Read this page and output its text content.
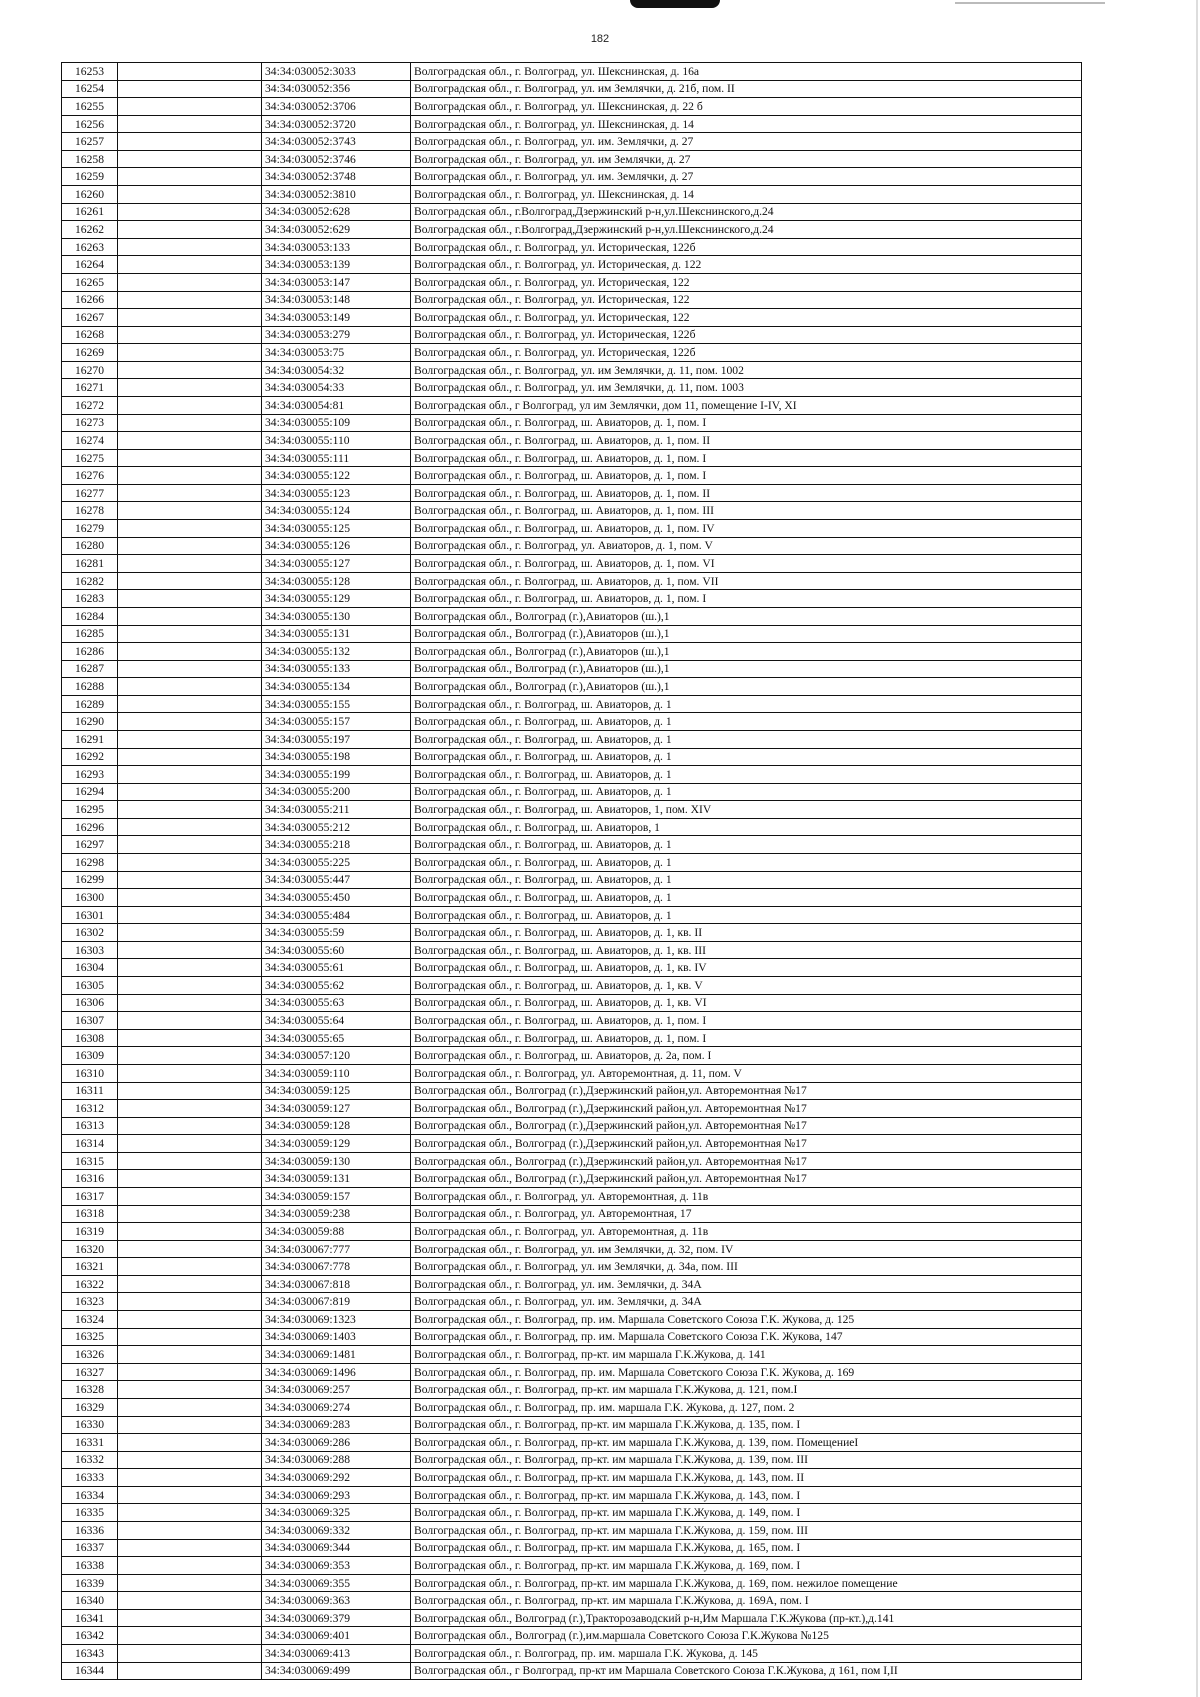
182
16253		34:34:030052:3033	Волгоградская обл., г. Волгоград, ул. Шекснинская, д. 16а
16254		34:34:030052:356	Волгоградская обл., г. Волгоград, ул. им Землячки, д. 21б, пом. II
16255		34:34:030052:3706	Волгоградская обл., г. Волгоград, ул. Шекснинская, д. 22 б
16256		34:34:030052:3720	Волгоградская обл., г. Волгоград, ул. Шекснинская, д. 14
16257		34:34:030052:3743	Волгоградская обл., г. Волгоград, ул. им. Землячки, д. 27
16258		34:34:030052:3746	Волгоградская обл., г. Волгоград, ул. им Землячки, д. 27
16259		34:34:030052:3748	Волгоградская обл., г. Волгоград, ул. им. Землячки, д. 27
16260		34:34:030052:3810	Волгоградская обл., г. Волгоград, ул. Шекснинская, д. 14
16261		34:34:030052:628	Волгоградская обл., г.Волгоград,Дзержинский р-н,ул.Шекснинского,д.24
16262		34:34:030052:629	Волгоградская обл., г.Волгоград,Дзержинский р-н,ул.Шекснинского,д.24
16263		34:34:030053:133	Волгоградская обл., г. Волгоград, ул. Историческая, 122б
16264		34:34:030053:139	Волгоградская обл., г. Волгоград, ул. Историческая, д. 122
16265		34:34:030053:147	Волгоградская обл., г. Волгоград, ул. Историческая, 122
16266		34:34:030053:148	Волгоградская обл., г. Волгоград, ул. Историческая, 122
16267		34:34:030053:149	Волгоградская обл., г. Волгоград, ул. Историческая, 122
16268		34:34:030053:279	Волгоградская обл., г. Волгоград, ул. Историческая, 122б
16269		34:34:030053:75	Волгоградская обл., г. Волгоград, ул. Историческая, 122б
16270		34:34:030054:32	Волгоградская обл., г. Волгоград, ул. им Землячки, д. 11, пом. 1002
16271		34:34:030054:33	Волгоградская обл., г. Волгоград, ул. им Землячки, д. 11, пом. 1003
16272		34:34:030054:81	Волгоградская обл., г Волгоград, ул им Землячки, дом 11, помещение I-IV, XI
16273		34:34:030055:109	Волгоградская обл., г. Волгоград, ш. Авиаторов, д. 1, пом. I
16274		34:34:030055:110	Волгоградская обл., г. Волгоград, ш. Авиаторов, д. 1, пом. II
16275		34:34:030055:111	Волгоградская обл., г. Волгоград, ш. Авиаторов, д. 1, пом. I
16276		34:34:030055:122	Волгоградская обл., г. Волгоград, ш. Авиаторов, д. 1, пом. I
16277		34:34:030055:123	Волгоградская обл., г. Волгоград, ш. Авиаторов, д. 1, пом. II
16278		34:34:030055:124	Волгоградская обл., г. Волгоград, ш. Авиаторов, д. 1, пом. III
16279		34:34:030055:125	Волгоградская обл., г. Волгоград, ш. Авиаторов, д. 1, пом. IV
16280		34:34:030055:126	Волгоградская обл., г. Волгоград, ул. Авиаторов, д. 1, пом. V
16281		34:34:030055:127	Волгоградская обл., г. Волгоград, ш. Авиаторов, д. 1, пом. VI
16282		34:34:030055:128	Волгоградская обл., г. Волгоград, ш. Авиаторов, д. 1, пом. VII
16283		34:34:030055:129	Волгоградская обл., г. Волгоград, ш. Авиаторов, д. 1, пом. I
16284		34:34:030055:130	Волгоградская обл., Волгоград (г.),Авиаторов (ш.),1
16285		34:34:030055:131	Волгоградская обл., Волгоград (г.),Авиаторов (ш.),1
16286		34:34:030055:132	Волгоградская обл., Волгоград (г.),Авиаторов (ш.),1
16287		34:34:030055:133	Волгоградская обл., Волгоград (г.),Авиаторов (ш.),1
16288		34:34:030055:134	Волгоградская обл., Волгоград (г.),Авиаторов (ш.),1
16289		34:34:030055:155	Волгоградская обл., г. Волгоград, ш. Авиаторов, д. 1
16290		34:34:030055:157	Волгоградская обл., г. Волгоград, ш. Авиаторов, д. 1
16291		34:34:030055:197	Волгоградская обл., г. Волгоград, ш. Авиаторов, д. 1
16292		34:34:030055:198	Волгоградская обл., г. Волгоград, ш. Авиаторов, д. 1
16293		34:34:030055:199	Волгоградская обл., г. Волгоград, ш. Авиаторов, д. 1
16294		34:34:030055:200	Волгоградская обл., г. Волгоград, ш. Авиаторов, д. 1
16295		34:34:030055:211	Волгоградская обл., г. Волгоград, ш. Авиаторов, 1, пом. XIV
16296		34:34:030055:212	Волгоградская обл., г. Волгоград, ш. Авиаторов, 1
16297		34:34:030055:218	Волгоградская обл., г. Волгоград, ш. Авиаторов, д. 1
16298		34:34:030055:225	Волгоградская обл., г. Волгоград, ш. Авиаторов, д. 1
16299		34:34:030055:447	Волгоградская обл., г. Волгоград, ш. Авиаторов, д. 1
16300		34:34:030055:450	Волгоградская обл., г. Волгоград, ш. Авиаторов, д. 1
16301		34:34:030055:484	Волгоградская обл., г. Волгоград, ш. Авиаторов, д. 1
16302		34:34:030055:59	Волгоградская обл., г. Волгоград, ш. Авиаторов, д. 1, кв. II
16303		34:34:030055:60	Волгоградская обл., г. Волгоград, ш. Авиаторов, д. 1, кв. III
16304		34:34:030055:61	Волгоградская обл., г. Волгоград, ш. Авиаторов, д. 1, кв. IV
16305		34:34:030055:62	Волгоградская обл., г. Волгоград, ш. Авиаторов, д. 1, кв. V
16306		34:34:030055:63	Волгоградская обл., г. Волгоград, ш. Авиаторов, д. 1, кв. VI
16307		34:34:030055:64	Волгоградская обл., г. Волгоград, ш. Авиаторов, д. 1, пом. I
16308		34:34:030055:65	Волгоградская обл., г. Волгоград, ш. Авиаторов, д. 1, пом. I
16309		34:34:030057:120	Волгоградская обл., г. Волгоград, ш. Авиаторов, д. 2а, пом. I
16310		34:34:030059:110	Волгоградская обл., г. Волгоград, ул. Авторемонтная, д. 11, пом. V
16311		34:34:030059:125	Волгоградская обл., Волгоград (г.),Дзержинский район,ул. Авторемонтная №17
16312		34:34:030059:127	Волгоградская обл., Волгоград (г.),Дзержинский район,ул. Авторемонтная №17
16313		34:34:030059:128	Волгоградская обл., Волгоград (г.),Дзержинский район,ул. Авторемонтная №17
16314		34:34:030059:129	Волгоградская обл., Волгоград (г.),Дзержинский район,ул. Авторемонтная №17
16315		34:34:030059:130	Волгоградская обл., Волгоград (г.),Дзержинский район,ул. Авторемонтная №17
16316		34:34:030059:131	Волгоградская обл., Волгоград (г.),Дзержинский район,ул. Авторемонтная №17
16317		34:34:030059:157	Волгоградская обл., г. Волгоград, ул. Авторемонтная, д. 11в
16318		34:34:030059:238	Волгоградская обл., г. Волгоград, ул. Авторемонтная, 17
16319		34:34:030059:88	Волгоградская обл., г. Волгоград, ул. Авторемонтная, д. 11в
16320		34:34:030067:777	Волгоградская обл., г. Волгоград, ул. им Землячки, д. 32, пом. IV
16321		34:34:030067:778	Волгоградская обл., г. Волгоград, ул. им Землячки, д. 34а, пом. III
16322		34:34:030067:818	Волгоградская обл., г. Волгоград, ул. им. Землячки, д. 34А
16323		34:34:030067:819	Волгоградская обл., г. Волгоград, ул. им. Землячки, д. 34А
16324		34:34:030069:1323	Волгоградская обл., г. Волгоград, пр. им. Маршала Советского Союза Г.К. Жукова, д. 125
16325		34:34:030069:1403	Волгоградская обл., г. Волгоград, пр. им. Маршала Советского Союза Г.К. Жукова, 147
16326		34:34:030069:1481	Волгоградская обл., г. Волгоград, пр-кт. им маршала Г.К.Жукова, д. 141
16327		34:34:030069:1496	Волгоградская обл., г. Волгоград, пр. им. Маршала Советского Союза Г.К. Жукова, д. 169
16328		34:34:030069:257	Волгоградская обл., г. Волгоград, пр-кт. им маршала Г.К.Жукова, д. 121, пом.I
16329		34:34:030069:274	Волгоградская обл., г. Волгоград, пр. им. маршала Г.К. Жукова, д. 127, пом. 2
16330		34:34:030069:283	Волгоградская обл., г. Волгоград, пр-кт. им маршала Г.К.Жукова, д. 135, пом. I
16331		34:34:030069:286	Волгоградская обл., г. Волгоград, пр-кт. им маршала Г.К.Жукова, д. 139, пом. ПомещениеI
16332		34:34:030069:288	Волгоградская обл., г. Волгоград, пр-кт. им маршала Г.К.Жукова, д. 139, пом. III
16333		34:34:030069:292	Волгоградская обл., г. Волгоград, пр-кт. им маршала Г.К.Жукова, д. 143, пом. II
16334		34:34:030069:293	Волгоградская обл., г. Волгоград, пр-кт. им маршала Г.К.Жукова, д. 143, пом. I
16335		34:34:030069:325	Волгоградская обл., г. Волгоград, пр-кт. им маршала Г.К.Жукова, д. 149, пом. I
16336		34:34:030069:332	Волгоградская обл., г. Волгоград, пр-кт. им маршала Г.К.Жукова, д. 159, пом. III
16337		34:34:030069:344	Волгоградская обл., г. Волгоград, пр-кт. им маршала Г.К.Жукова, д. 165, пом. I
16338		34:34:030069:353	Волгоградская обл., г. Волгоград, пр-кт. им маршала Г.К.Жукова, д. 169, пом. I
16339		34:34:030069:355	Волгоградская обл., г. Волгоград, пр-кт. им маршала Г.К.Жукова, д. 169, пом. нежилое помещение
16340		34:34:030069:363	Волгоградская обл., г. Волгоград, пр-кт. им маршала Г.К.Жукова, д. 169А, пом. I
16341		34:34:030069:379	Волгоградская обл., Волгоград (г.),Тракторозаводский р-н,Им Маршала Г.К.Жукова (пр-кт.),д.141
16342		34:34:030069:401	Волгоградская обл., Волгоград (г.),им.маршала Советского Союза Г.К.Жукова №125
16343		34:34:030069:413	Волгоградская обл., г. Волгоград, пр. им. маршала Г.К. Жукова, д. 145
16344		34:34:030069:499	Волгоградская обл., г Волгоград, пр-кт им Маршала Советского Союза Г.К.Жукова, д 161, пом I,II
